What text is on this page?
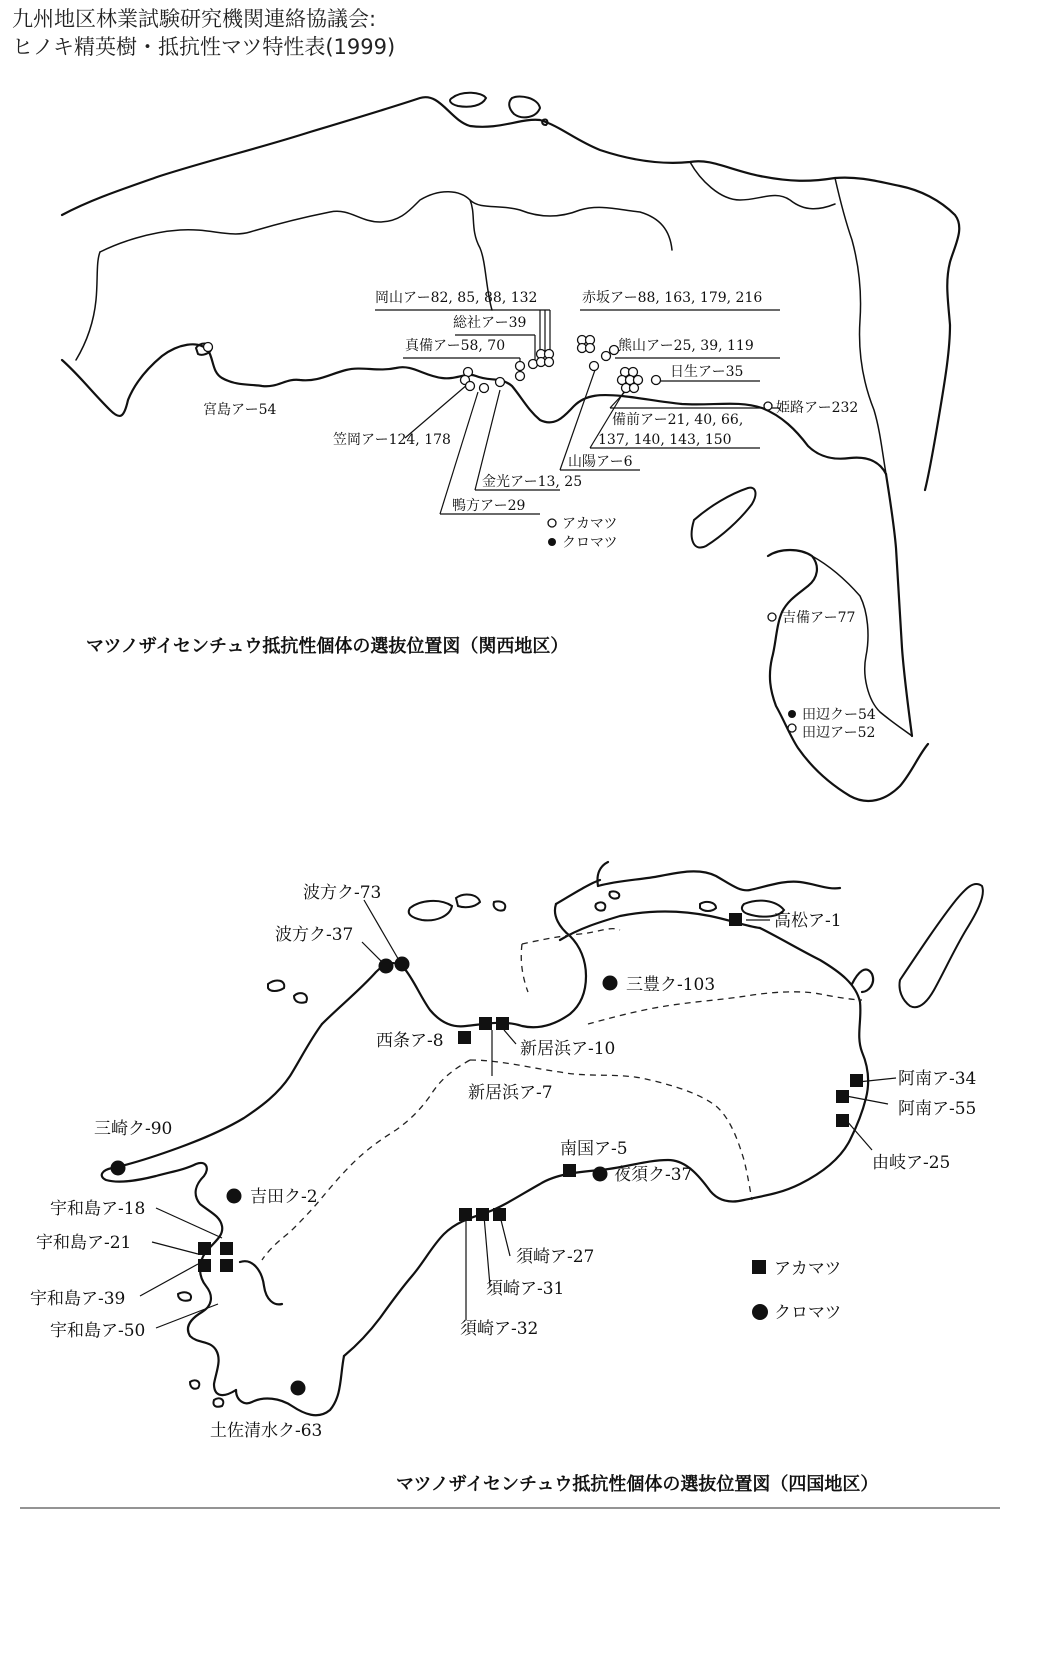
九州地区林業試験研究機関連絡協議会:
ヒノキ精英樹・抵抗性マツ特性表(1999)
岡山アー82, 85, 88, 132
総社アー39
真備アー58, 70
赤坂アー88, 163, 179, 216
熊山アー25, 39, 119
日生アー35
宮島アー54	姫路アー232
備前アー21, 40, 66,
137, 140, 143, 150
笠岡アー124, 178
山陽アー6
金光アー13, 25
鴨方アー29
アカマツ
クロマツ
吉備アー77
田辺クー54
田辺アー52
マツノザイセンチュウ抵抗性個体の選抜位置図（関西地区）
波方ク-73
波方ク-37
高松ア-1
三豊ク-103
西条ア-8	新居浜ア-10
新居浜ア-7
阿南ア-34
阿南ア-55
由岐ア-25
三崎ク-90
南国ア-5
夜須ク-37
吉田ク-2
宇和島ア-18
宇和島ア-21
宇和島ア-39
宇和島ア-50
須崎ア-27
須崎ア-31
須崎ア-32
土佐清水ク-63
アカマツ
クロマツ
マツノザイセンチュウ抵抗性個体の選抜位置図（四国地区）
